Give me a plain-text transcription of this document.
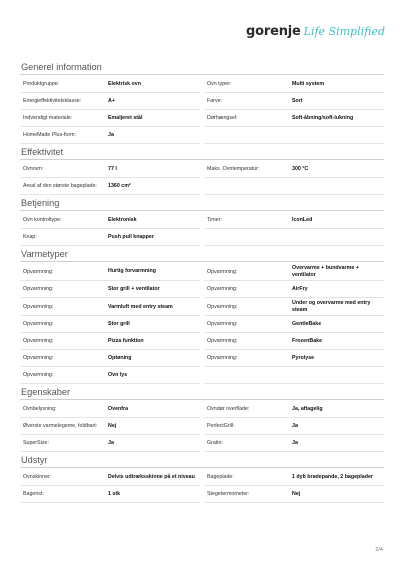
gorenje Life Simplified
Generel information
Produktgruppe:	Elektrisk ovn	Ovn typer:	Multi system
Energieffektivitetsklasse:	A+	Farve:	Sort
Indvendigt materiale:	Emaljeret stål	Dørhængsel:	Soft-åbning/soft-lukning
HomeMade Plus-form:	Ja
Effektivitet
Ovnrum:	77 l	Maks. Ovntemperatur:	300 °C
Areal af den største bageplade:	1360 cm²
Betjening
Ovn kontroltype:	Elektronisk	Timer:	IconLed
Knap:	Push pull knapper
Varmetyper
Opvarmning:	Hurtig forvarmning	Opvarmning:
Overvarme + bundvarme + ventilator
Opvarmning:	Stor grill + ventilator	Opvarmning:	AirFry
Opvarmning:	Varmluft med entry steam	Opvarmning:
Under og overvarme med entry steam
Opvarmning:	Stor grill	Opvarmning:	GentleBake
Opvarmning:	Pizza funktion	Opvarmning:	FrozenBake
Opvarmning:	Optøning	Opvarmning:	Pyrolyse
Opvarmning:	Ovn lys
Egenskaber
Ovnbelysning:	Ovenfra	Ovndør overflade:	Ja, aftagelig
Øverste varmelegeme, foldbart:	Nej	PerfectGrill:	Ja
SuperSize:	Ja	Gratin:	Ja
Udstyr
Ovnskinner:	Delvis udtræksskinne på et niveau	Bageplade:	1 dyb bradepande, 2 bageplader
Bagerist:	1 stk	Stegetermometer:	Nej
2/4
